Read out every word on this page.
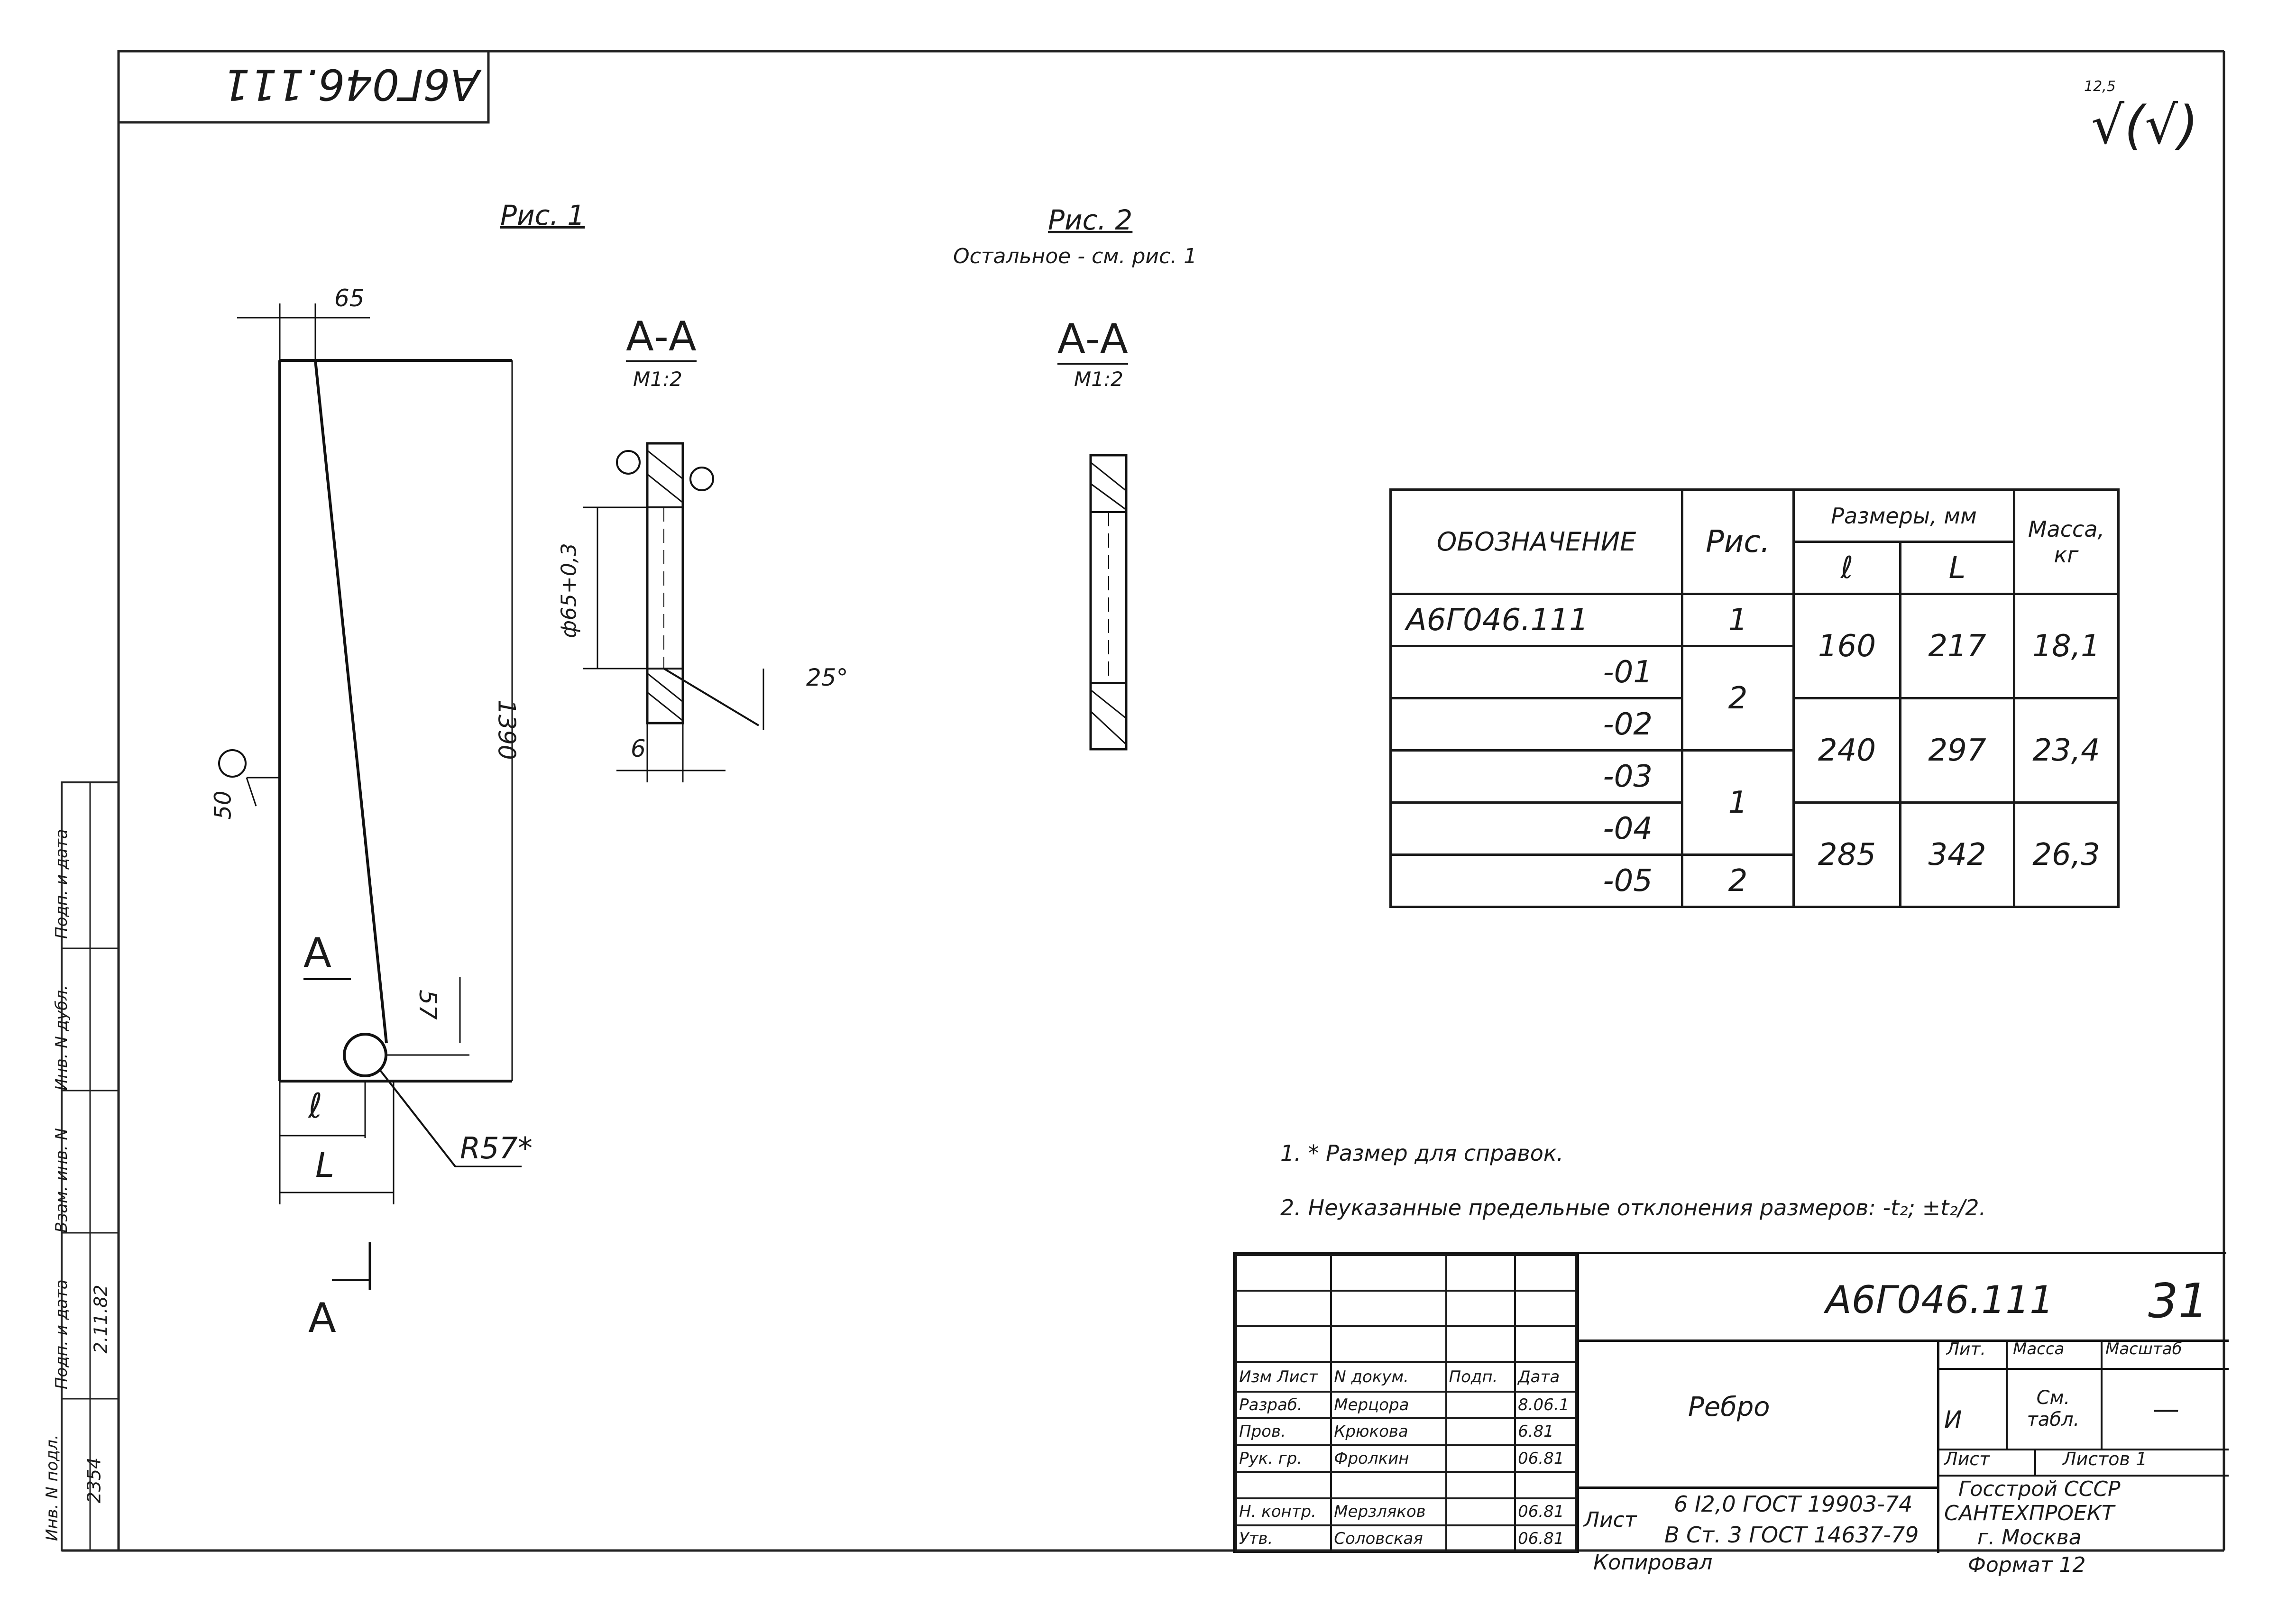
А6Г046.111	12,5
√(√)
Рис. 1	Рис. 2
Остальное - см. рис. 1
65
1390
57
R57*
ℓ
L
50
А
А
А-А
М1:2
ф65+0,3
25°
6
А-А
М1:2
ОБОЗНАЧЕНИЕ	Рис.	Размеры, мм		Масса, кг
		ℓ	L	
А6Г046.111	1	160	217	18,1
-01	2			
-02		240	297	23,4
-03	1			
-04		285	342	26,3
-05	2			
1. * Размер для справок.
2. Неуказанные предельные отклонения размеров: -t₂; ±t₂/2.

Изм Лист	N докум.	Подп.	Дата
Разраб.	Мерцора		8.06.1
Пров.	Крюкова		6.81
Рук. гр.	Фролкин		06.81

Н. контр.	Мерзляков		06.81
Утв.	Соловская		06.81
А6Г046.111 31
Ребро
Лист
6 I2,0 ГОСТ 19903-74
В Ст. 3 ГОСТ 14637-79
Лит.	Масса	Масштаб
И
См. табл.	—
Лист	Листов 1
Госстрой СССР
САНТЕХПРОЕКТ
г. Москва
Копировал	Формат 12
Инв. N подл.
Подп. и дата
Взам. инв. N
Инв. N дубл.
Подп. и дата
2354
2.11.82
